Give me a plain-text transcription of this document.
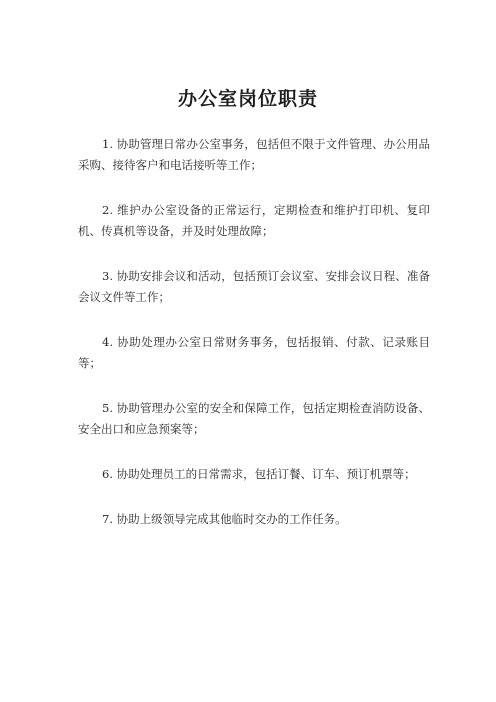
办公室岗位职责

1. 协助管理日常办公室事务，包括但不限于文件管理、办公用品采购、接待客户和电话接听等工作；

2. 维护办公室设备的正常运行，定期检查和维护打印机、复印机、传真机等设备，并及时处理故障；

3. 协助安排会议和活动，包括预订会议室、安排会议日程、准备会议文件等工作；

4. 协助处理办公室日常财务事务，包括报销、付款、记录账目等；

5. 协助管理办公室的安全和保障工作，包括定期检查消防设备、安全出口和应急预案等；

6. 协助处理员工的日常需求，包括订餐、订车、预订机票等；

7. 协助上级领导完成其他临时交办的工作任务。
